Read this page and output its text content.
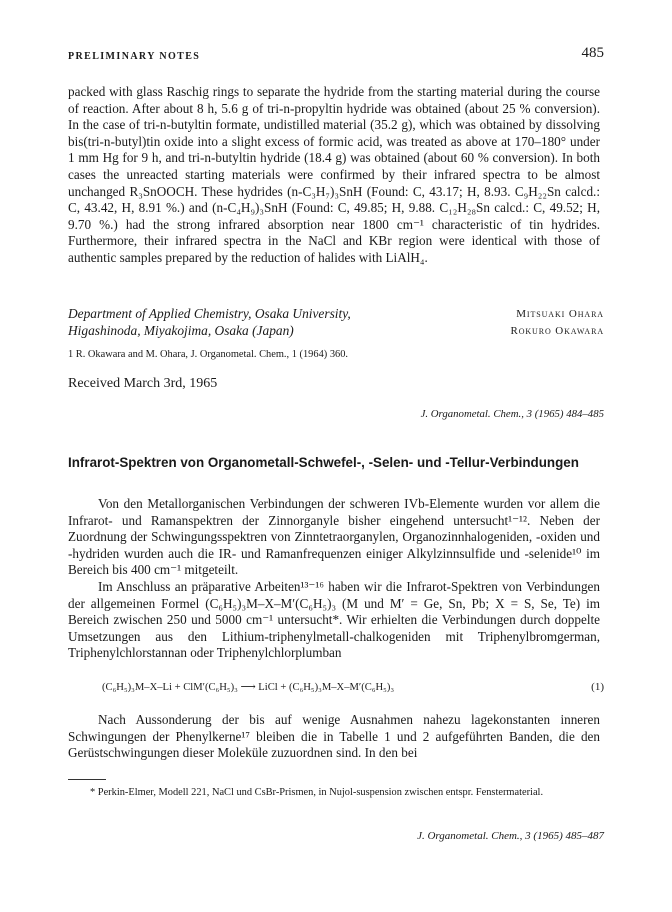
PRELIMINARY NOTES	485

packed with glass Raschig rings to separate the hydride from the starting material during the course of reaction. After about 8 h, 5.6 g of tri-n-propyltin hydride was obtained (about 25 % conversion). In the case of tri-n-butyltin formate, undistilled material (35.2 g), which was obtained by dissolving bis(tri-n-butyl)tin oxide into a slight excess of formic acid, was treated as above at 170–180° under 1 mm Hg for 9 h, and tri-n-butyltin hydride (18.4 g) was obtained (about 60 % conversion). In both cases the unreacted starting materials were confirmed by their infrared spectra to be almost unchanged R₃SnOOCH. These hydrides (n-C₃H₇)₃SnH (Found: C, 43.17; H, 8.93. C₉H₂₂Sn calcd.: C, 43.42, H, 8.91 %.) and (n-C₄H₉)₃SnH (Found: C, 49.85; H, 9.88. C₁₂H₂₈Sn calcd.: C, 49.52; H, 9.70 %.) had the strong infrared absorption near 1800 cm⁻¹ characteristic of tin hydrides. Furthermore, their infrared spectra in the NaCl and KBr region were identical with those of authentic samples prepared by the reduction of halides with LiAlH₄.

Department of Applied Chemistry, Osaka University,
Higashinoda, Miyakojima, Osaka (Japan)
Mitsuaki Ohara
Rokuro Okawara
1 R. Okawara and M. Ohara, J. Organometal. Chem., 1 (1964) 360.
Received March 3rd, 1965
J. Organometal. Chem., 3 (1965) 484–485
Infrarot-Spektren von Organometall-Schwefel-, -Selen- und -Tellur-Verbindungen

Von den Metallorganischen Verbindungen der schweren IVb-Elemente wurden vor allem die Infrarot- und Ramanspektren der Zinnorganyle bisher eingehend untersucht¹⁻¹². Neben der Zuordnung der Schwingungsspektren von Zinntetraorganylen, Organozinnhalogeniden, -oxiden und -hydriden wurden auch die IR- und Ramanfrequenzen einiger Alkylzinnsulfide und -selenide¹⁰ im Bereich bis 400 cm⁻¹ mitgeteilt.

Im Anschluss an präparative Arbeiten¹³⁻¹⁶ haben wir die Infrarot-Spektren von Verbindungen der allgemeinen Formel (C₆H₅)₃M–X–M′(C₆H₅)₃ (M und M′ = Ge, Sn, Pb; X = S, Se, Te) im Bereich zwischen 250 und 5000 cm⁻¹ untersucht*. Wir erhielten die Verbindungen durch doppelte Umsetzungen aus den Lithium-triphenylmetall-chalkogeniden mit Triphenylbromgerman, Triphenylchlorstannan oder Triphenylchlorplumban

(C₆H₅)₃M–X–Li + ClM′(C₆H₅)₃ ⟶ LiCl + (C₆H₅)₃M–X–M′(C₆H₅)₃	(1)

Nach Aussonderung der bis auf wenige Ausnahmen nahezu lagekonstanten inneren Schwingungen der Phenylkerne¹⁷ bleiben die in Tabelle 1 und 2 aufgeführten Banden, die den Gerüstschwingungen dieser Moleküle zuzuordnen sind. In den bei

* Perkin-Elmer, Modell 221, NaCl und CsBr-Prismen, in Nujol-suspension zwischen entspr. Fenstermaterial.

J. Organometal. Chem., 3 (1965) 485–487
